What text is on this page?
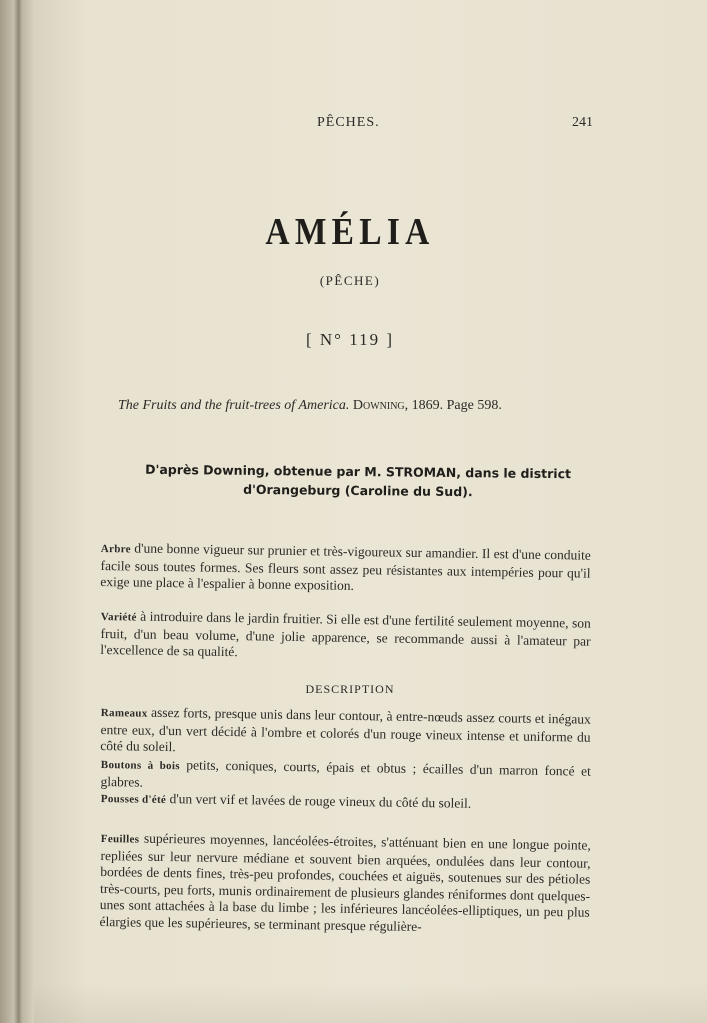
PÊCHES.	241
AMÉLIA
(PÊCHE)
[ N° 119 ]
The Fruits and the fruit-trees of America. Downing, 1869. Page 598.
D'après Downing, obtenue par M. STROMAN, dans le district d'Orangeburg (Caroline du Sud).
Arbre d'une bonne vigueur sur prunier et très-vigoureux sur amandier. Il est d'une conduite facile sous toutes formes. Ses fleurs sont assez peu résistantes aux intempéries pour qu'il exige une place à l'espalier à bonne exposition.
Variété à introduire dans le jardin fruitier. Si elle est d'une fertilité seulement moyenne, son fruit, d'un beau volume, d'une jolie apparence, se recommande aussi à l'amateur par l'excellence de sa qualité.
DESCRIPTION
Rameaux assez forts, presque unis dans leur contour, à entre-nœuds assez courts et inégaux entre eux, d'un vert décidé à l'ombre et colorés d'un rouge vineux intense et uniforme du côté du soleil.
Boutons à bois petits, coniques, courts, épais et obtus ; écailles d'un marron foncé et glabres.
Pousses d'été d'un vert vif et lavées de rouge vineux du côté du soleil.
Feuilles supérieures moyennes, lancéolées-étroites, s'atténuant bien en une longue pointe, repliées sur leur nervure médiane et souvent bien arquées, ondulées dans leur contour, bordées de dents fines, très-peu profondes, couchées et aiguës, soutenues sur des pétioles très-courts, peu forts, munis ordinairement de plusieurs glandes réniformes dont quelques-unes sont attachées à la base du limbe ; les inférieures lancéolées-elliptiques, un peu plus élargies que les supérieures, se terminant presque régulière-
